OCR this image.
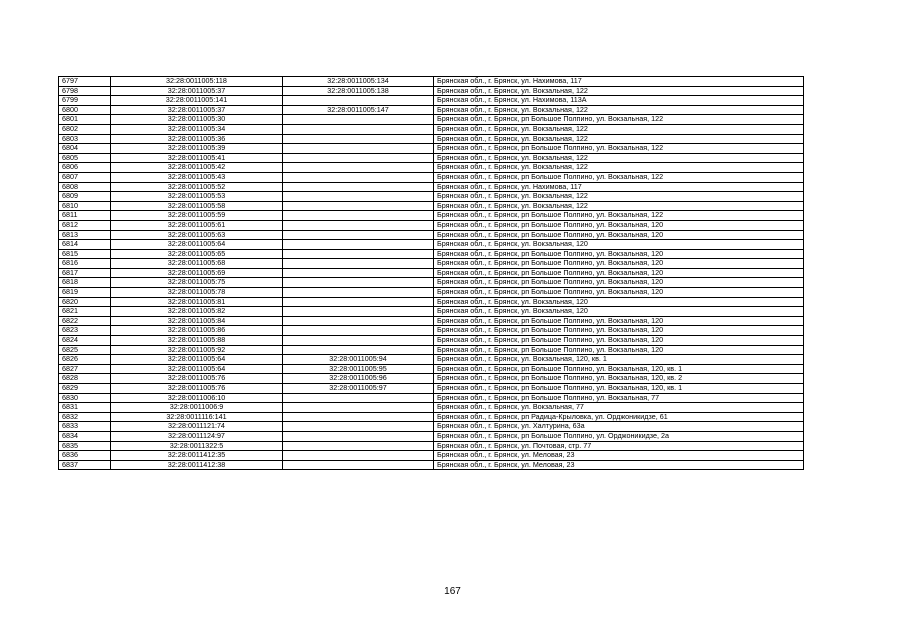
6797	32:28:0011005:118	32:28:0011005:134	Брянская обл., г. Брянск, ул. Нахимова, 117
6798	32:28:0011005:37	32:28:0011005:138	Брянская обл., г. Брянск, ул. Вокзальная, 122
6799	32:28:0011005:141		Брянская обл., г. Брянск, ул. Нахимова, 113А
6800	32:28:0011005:37	32:28:0011005:147	Брянская обл., г. Брянск, ул. Вокзальная, 122
6801	32:28:0011005:30		Брянская обл., г. Брянск, рп Большое Полпино, ул. Вокзальная, 122
6802	32:28:0011005:34		Брянская обл., г. Брянск, ул. Вокзальная, 122
6803	32:28:0011005:36		Брянская обл., г. Брянск, ул. Вокзальная, 122
6804	32:28:0011005:39		Брянская обл., г. Брянск, рп Большое Полпино, ул. Вокзальная, 122
6805	32:28:0011005:41		Брянская обл., г. Брянск, ул. Вокзальная, 122
6806	32:28:0011005:42		Брянская обл., г. Брянск, ул. Вокзальная, 122
6807	32:28:0011005:43		Брянская обл., г. Брянск, рп Большое Полпино, ул. Вокзальная, 122
6808	32:28:0011005:52		Брянская обл., г. Брянск, ул. Нахимова, 117
6809	32:28:0011005:53		Брянская обл., г. Брянск, ул. Вокзальная, 122
6810	32:28:0011005:58		Брянская обл., г. Брянск, ул. Вокзальная, 122
6811	32:28:0011005:59		Брянская обл., г. Брянск, рп Большое Полпино, ул. Вокзальная, 122
6812	32:28:0011005:61		Брянская обл., г. Брянск, рп Большое Полпино, ул. Вокзальная, 120
6813	32:28:0011005:63		Брянская обл., г. Брянск, рп Большое Полпино, ул. Вокзальная, 120
6814	32:28:0011005:64		Брянская обл., г. Брянск, ул. Вокзальная, 120
6815	32:28:0011005:65		Брянская обл., г. Брянск, рп Большое Полпино, ул. Вокзальная, 120
6816	32:28:0011005:68		Брянская обл., г. Брянск, рп Большое Полпино, ул. Вокзальная, 120
6817	32:28:0011005:69		Брянская обл., г. Брянск, рп Большое Полпино, ул. Вокзальная, 120
6818	32:28:0011005:75		Брянская обл., г. Брянск, рп Большое Полпино, ул. Вокзальная, 120
6819	32:28:0011005:78		Брянская обл., г. Брянск, рп Большое Полпино, ул. Вокзальная, 120
6820	32:28:0011005:81		Брянская обл., г. Брянск, ул. Вокзальная, 120
6821	32:28:0011005:82		Брянская обл., г. Брянск, ул. Вокзальная, 120
6822	32:28:0011005:84		Брянская обл., г. Брянск, рп Большое Полпино, ул. Вокзальная, 120
6823	32:28:0011005:86		Брянская обл., г. Брянск, рп Большое Полпино, ул. Вокзальная, 120
6824	32:28:0011005:88		Брянская обл., г. Брянск, рп Большое Полпино, ул. Вокзальная, 120
6825	32:28:0011005:92		Брянская обл., г. Брянск, рп Большое Полпино, ул. Вокзальная, 120
6826	32:28:0011005:64	32:28:0011005:94	Брянская обл., г. Брянск, ул. Вокзальная, 120, кв. 1
6827	32:28:0011005:64	32:28:0011005:95	Брянская обл., г. Брянск, рп Большое Полпино, ул. Вокзальная, 120, кв. 1
6828	32:28:0011005:76	32:28:0011005:96	Брянская обл., г. Брянск, рп Большое Полпино, ул. Вокзальная, 120, кв. 2
6829	32:28:0011005:76	32:28:0011005:97	Брянская обл., г. Брянск, рп Большое Полпино, ул. Вокзальная, 120, кв. 1
6830	32:28:0011006:10		Брянская обл., г. Брянск, рп Большое Полпино, ул. Вокзальная, 77
6831	32:28:0011006:9		Брянская обл., г. Брянск, ул. Вокзальная, 77
6832	32:28:0011116:141		Брянская обл., г. Брянск, рп Радица-Крыловка, ул. Орджоникидзе, 61
6833	32:28:0011121:74		Брянская обл., г. Брянск, ул. Халтурина, 63а
6834	32:28:0011124:97		Брянская обл., г. Брянск, рп Большое Полпино, ул. Орджоникидзе, 2а
6835	32:28:0011322:5		Брянская обл., г. Брянск, ул. Почтовая, стр. 77
6836	32:28:0011412:35		Брянская обл., г. Брянск, ул. Меловая, 23
6837	32:28:0011412:38		Брянская обл., г. Брянск, ул. Меловая, 23
167
